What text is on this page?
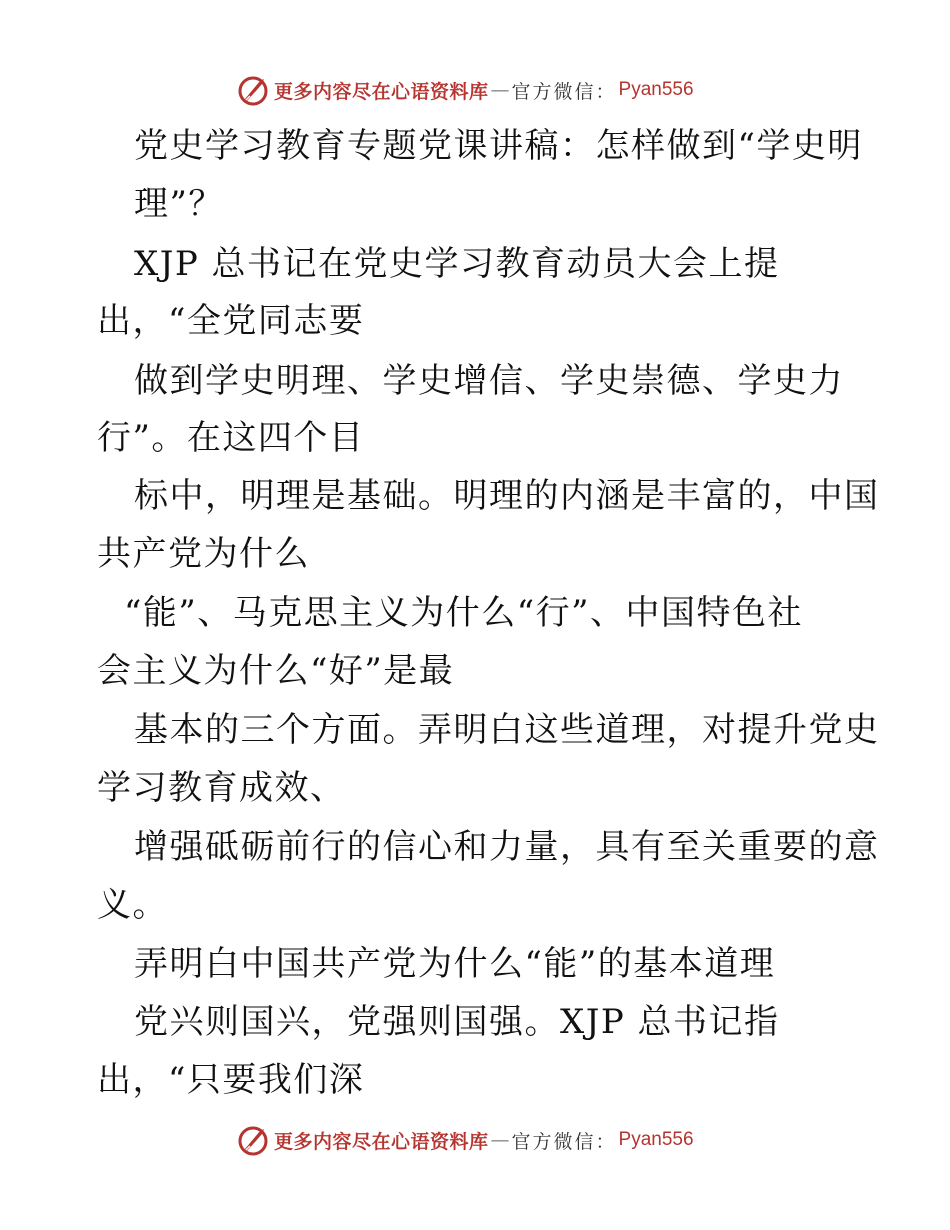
更多内容尽在心语资料库 — 官方微信： Pyan556
党史学习教育专题党课讲稿：怎样做到“学史明
理”？
XJP 总书记在党史学习教育动员大会上提
出，“全党同志要
做到学史明理、学史增信、学史崇德、学史力
行”。在这四个目
标中，明理是基础。明理的内涵是丰富的，中国
共产党为什么
“能”、马克思主义为什么“行”、中国特色社
会主义为什么“好”是最
基本的三个方面。弄明白这些道理，对提升党史
学习教育成效、
增强砥砺前行的信心和力量，具有至关重要的意
义。
弄明白中国共产党为什么“能”的基本道理
党兴则国兴，党强则国强。XJP 总书记指
出，“只要我们深
更多内容尽在心语资料库 — 官方微信： Pyan556
